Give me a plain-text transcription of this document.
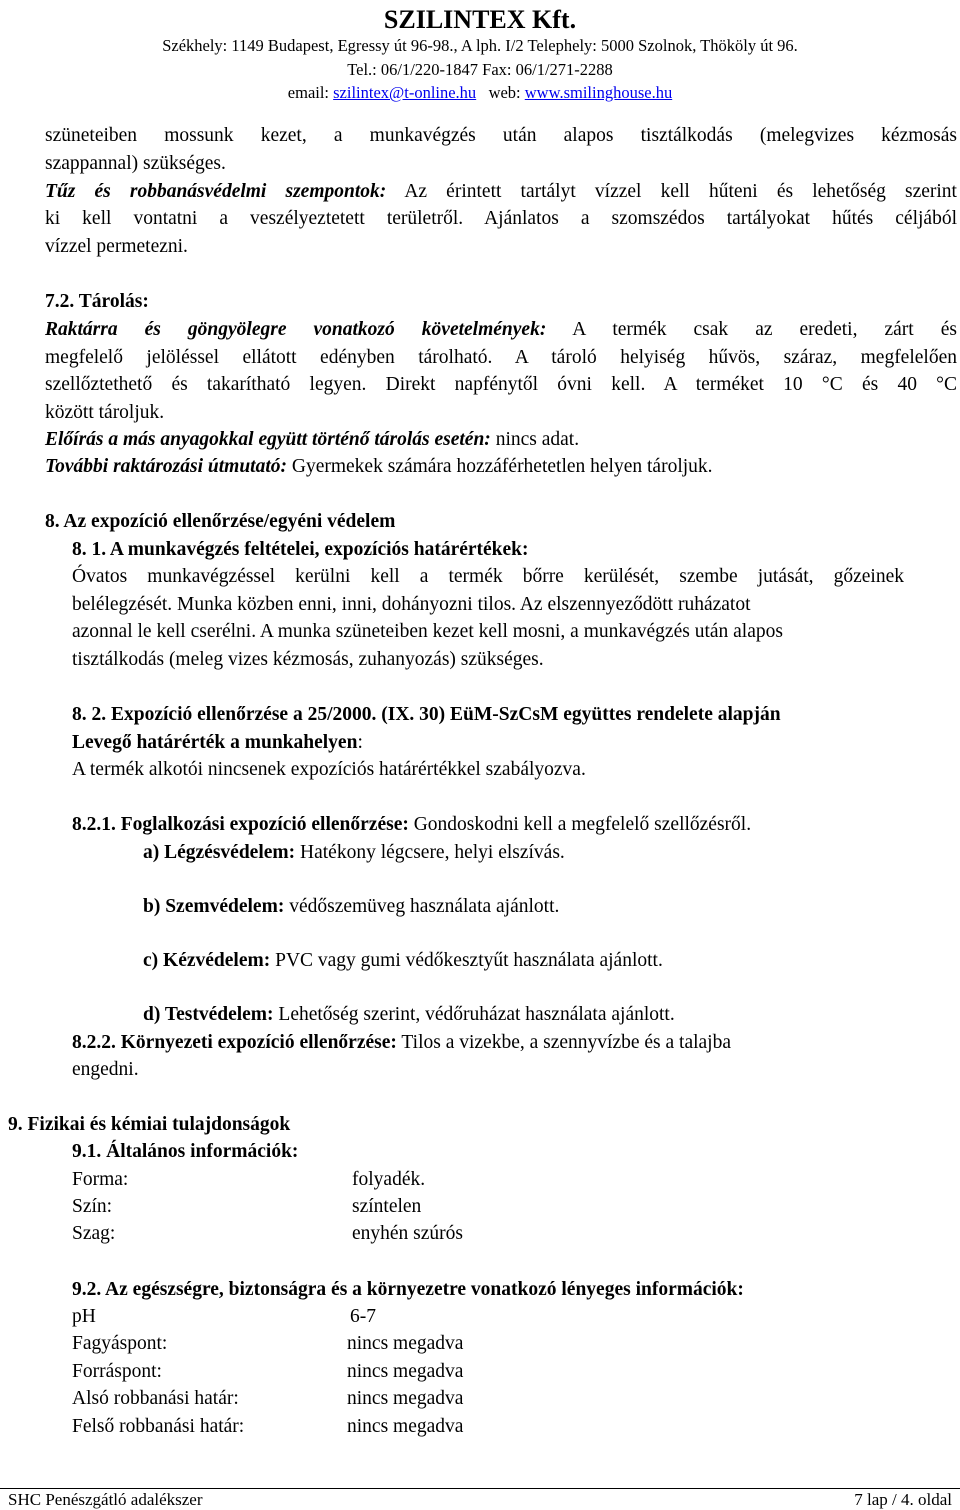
SZILINTEX Kft.
Székhely: 1149 Budapest, Egressy út 96-98., A lph. I/2 Telephely: 5000 Szolnok, Thököly út 96.
Tel.: 06/1/220-1847 Fax: 06/1/271-2288
email: szilintex@t-online.hu web: www.smilinghouse.hu
szüneteiben mossunk kezet, a munkavégzés után alapos tisztálkodás (melegvizes kézmosás
szappannal) szükséges.
Tűz és robbanásvédelmi szempontok: Az érintett tartályt vízzel kell hűteni és lehetőség szerint
ki kell vontatni a veszélyeztetett területről. Ajánlatos a szomszédos tartályokat hűtés céljából
vízzel permetezni.
7.2. Tárolás:
Raktárra és göngyölegre vonatkozó követelmények: A termék csak az eredeti, zárt és
megfelelő jelöléssel ellátott edényben tárolható. A tároló helyiség hűvös, száraz, megfelelően
szellőztethető és takarítható legyen. Direkt napfénytől óvni kell. A terméket 10 °C és 40 °C
között tároljuk.
Előírás a más anyagokkal együtt történő tárolás esetén: nincs adat.
További raktározási útmutató: Gyermekek számára hozzáférhetetlen helyen tároljuk.
8. Az expozíció ellenőrzése/egyéni védelem
8. 1. A munkavégzés feltételei, expozíciós határértékek:
Óvatos munkavégzéssel kerülni kell a termék bőrre kerülését, szembe jutását, gőzeinek
belélegzését. Munka közben enni, inni, dohányozni tilos. Az elszennyeződött ruházatot
azonnal le kell cserélni. A munka szüneteiben kezet kell mosni, a munkavégzés után alapos
tisztálkodás (meleg vizes kézmosás, zuhanyozás) szükséges.
8. 2. Expozíció ellenőrzése a 25/2000. (IX. 30) EüM-SzCsM együttes rendelete alapján
Levegő határérték a munkahelyen:
A termék alkotói nincsenek expozíciós határértékkel szabályozva.
8.2.1. Foglalkozási expozíció ellenőrzése: Gondoskodni kell a megfelelő szellőzésről.
a) Légzésvédelem: Hatékony légcsere, helyi elszívás.
b) Szemvédelem: védőszemüveg használata ajánlott.
c) Kézvédelem: PVC vagy gumi védőkesztyűt használata ajánlott.
d) Testvédelem: Lehetőség szerint, védőruházat használata ajánlott.
8.2.2. Környezeti expozíció ellenőrzése: Tilos a vizekbe, a szennyvízbe és a talajba
engedni.
9. Fizikai és kémiai tulajdonságok
9.1. Általános információk:
Forma:	folyadék.
Szín:	színtelen
Szag:	enyhén szúrós
9.2. Az egészségre, biztonságra és a környezetre vonatkozó lényeges információk:
pH	6-7
Fagyáspont:	nincs megadva
Forráspont:	nincs megadva
Alsó robbanási határ:	nincs megadva
Felső robbanási határ:	nincs megadva
SHC Penészgátló adalékszer	7 lap / 4. oldal
